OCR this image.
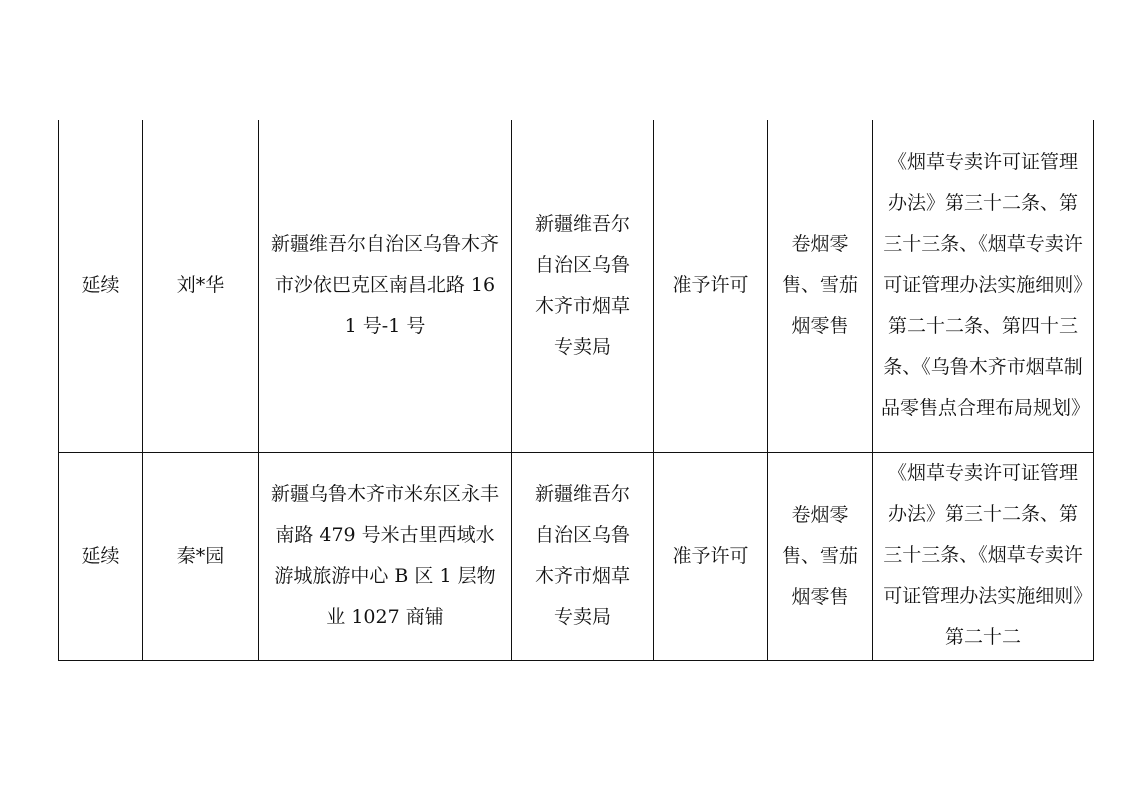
延续	刘*华	新疆维吾尔自治区乌鲁木齐市沙依巴克区南昌北路 161 号-1 号	新疆维吾尔自治区乌鲁木齐市烟草专卖局	准予许可	卷烟零售、雪茄烟零售	《烟草专卖许可证管理办法》第三十二条、第三十三条、《烟草专卖许可证管理办法实施细则》第二十二条、第四十三条、《乌鲁木齐市烟草制品零售点合理布局规划》

延续	秦*园	新疆乌鲁木齐市米东区永丰南路 479 号米古里西域水游城旅游中心 B 区 1 层物业 1027 商铺	新疆维吾尔自治区乌鲁木齐市烟草专卖局	准予许可	卷烟零售、雪茄烟零售	《烟草专卖许可证管理办法》第三十二条、第三十三条、《烟草专卖许可证管理办法实施细则》第二十二
